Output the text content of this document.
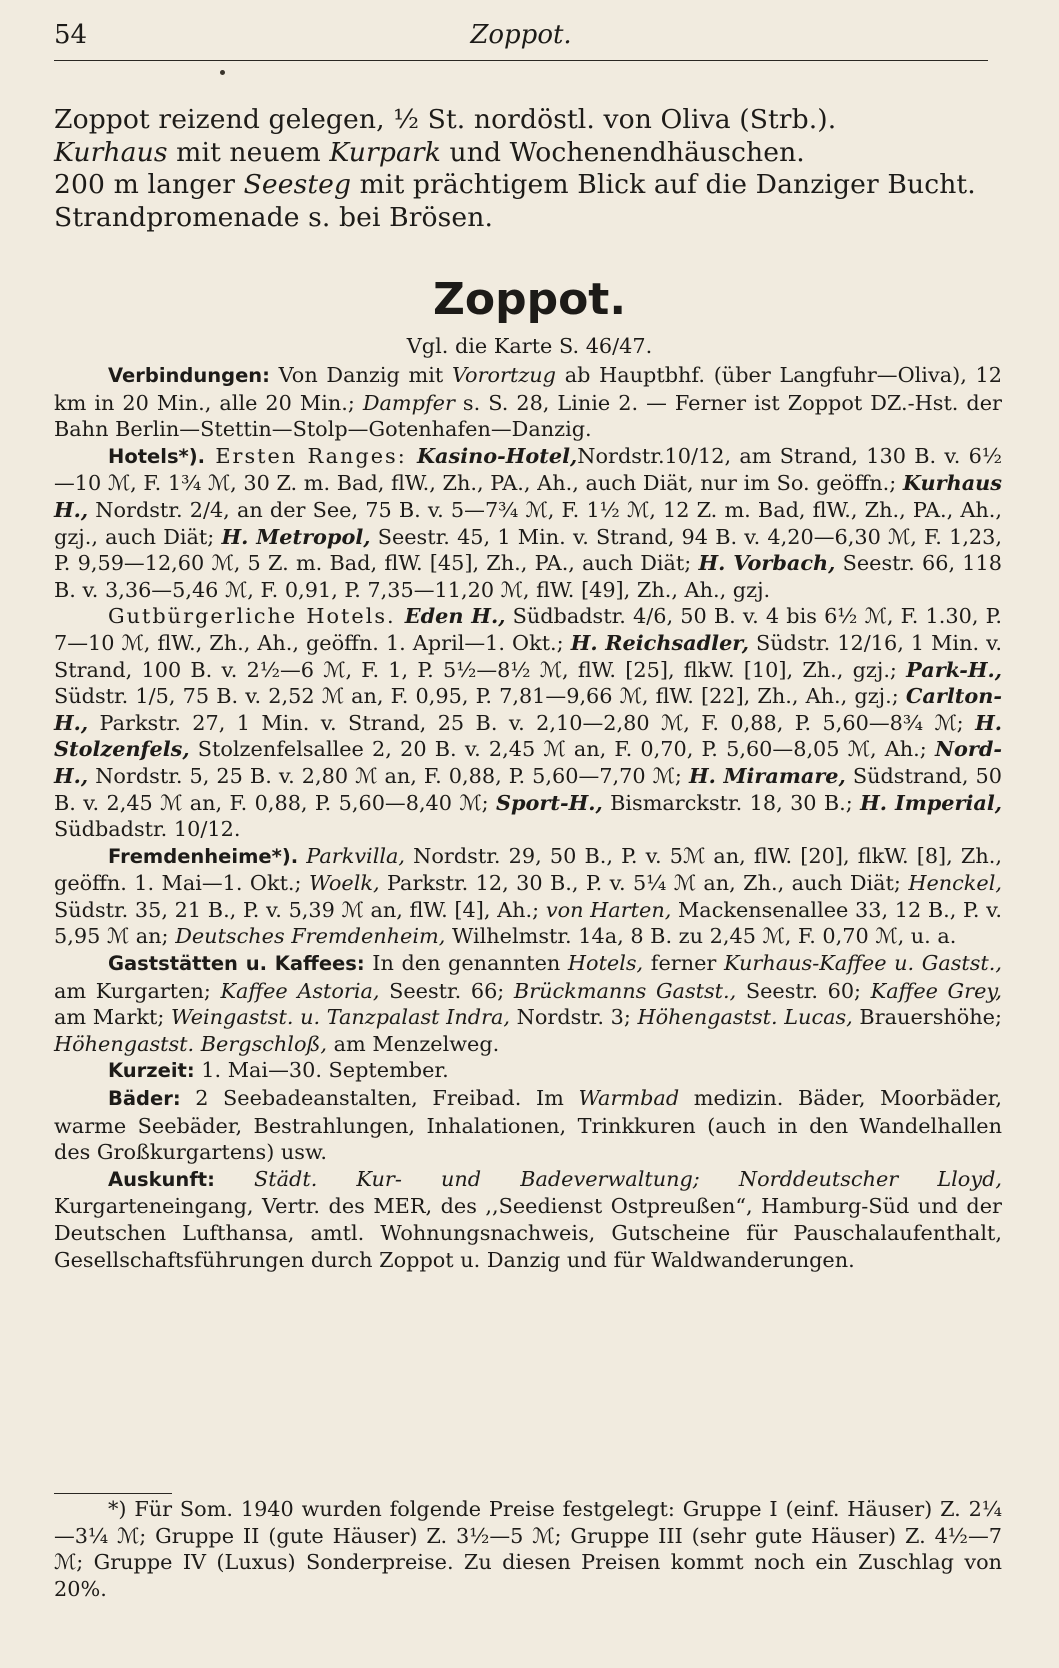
54	Zoppot.
Zoppot reizend gelegen, ½ St. nordöstl. von Oliva (Strb.).
Kurhaus mit neuem Kurpark und Wochenendhäuschen.
200 m langer Seesteg mit prächtigem Blick auf die Danziger Bucht. Strandpromenade s. bei Brösen.
Zoppot.
Vgl. die Karte S. 46/47.

Verbindungen: Von Danzig mit Vorortzug ab Hauptbhf. (über Langfuhr—Oliva), 12 km in 20 Min., alle 20 Min.; Dampfer s. S. 28, Linie 2. — Ferner ist Zoppot DZ.-Hst. der Bahn Berlin—Stettin—Stolp—Gotenhafen—Danzig.

Hotels*). Ersten Ranges: Kasino-Hotel,Nordstr.10/12, am Strand, 130 B. v. 6½—10 ℳ, F. 1¾ ℳ, 30 Z. m. Bad, flW., Zh., PA., Ah., auch Diät, nur im So. geöffn.; Kurhaus H., Nordstr. 2/4, an der See, 75 B. v. 5—7¾ ℳ, F. 1½ ℳ, 12 Z. m. Bad, flW., Zh., PA., Ah., gzj., auch Diät; H. Metropol, Seestr. 45, 1 Min. v. Strand, 94 B. v. 4,20—6,30 ℳ, F. 1,23, P. 9,59—12,60 ℳ, 5 Z. m. Bad, flW. [45], Zh., PA., auch Diät; H. Vorbach, Seestr. 66, 118 B. v. 3,36—5,46 ℳ, F. 0,91, P. 7,35—11,20 ℳ, flW. [49], Zh., Ah., gzj.

Gutbürgerliche Hotels. Eden H., Südbadstr. 4/6, 50 B. v. 4 bis 6½ ℳ, F. 1.30, P. 7—10 ℳ, flW., Zh., Ah., geöffn. 1. April—1. Okt.; H. Reichsadler, Südstr. 12/16, 1 Min. v. Strand, 100 B. v. 2½—6 ℳ, F. 1, P. 5½—8½ ℳ, flW. [25], flkW. [10], Zh., gzj.; Park-H., Südstr. 1/5, 75 B. v. 2,52 ℳ an, F. 0,95, P. 7,81—9,66 ℳ, flW. [22], Zh., Ah., gzj.; Carlton-H., Parkstr. 27, 1 Min. v. Strand, 25 B. v. 2,10—2,80 ℳ, F. 0,88, P. 5,60—8¾ ℳ; H. Stolzenfels, Stolzenfelsallee 2, 20 B. v. 2,45 ℳ an, F. 0,70, P. 5,60—8,05 ℳ, Ah.; Nord-H., Nordstr. 5, 25 B. v. 2,80 ℳ an, F. 0,88, P. 5,60—7,70 ℳ; H. Miramare, Südstrand, 50 B. v. 2,45 ℳ an, F. 0,88, P. 5,60—8,40 ℳ; Sport-H., Bismarckstr. 18, 30 B.; H. Imperial, Südbadstr. 10/12.

Fremdenheime*). Parkvilla, Nordstr. 29, 50 B., P. v. 5ℳ an, flW. [20], flkW. [8], Zh., geöffn. 1. Mai—1. Okt.; Woelk, Parkstr. 12, 30 B., P. v. 5¼ ℳ an, Zh., auch Diät; Henckel, Südstr. 35, 21 B., P. v. 5,39 ℳ an, flW. [4], Ah.; von Harten, Mackensenallee 33, 12 B., P. v. 5,95 ℳ an; Deutsches Fremdenheim, Wilhelmstr. 14a, 8 B. zu 2,45 ℳ, F. 0,70 ℳ, u. a.

Gaststätten u. Kaffees: In den genannten Hotels, ferner Kurhaus-Kaffee u. Gastst., am Kurgarten; Kaffee Astoria, Seestr. 66; Brückmanns Gastst., Seestr. 60; Kaffee Grey, am Markt; Weingastst. u. Tanzpalast Indra, Nordstr. 3; Höhengastst. Lucas, Brauershöhe; Höhengastst. Bergschloß, am Menzelweg.

Kurzeit: 1. Mai—30. September.

Bäder: 2 Seebadeanstalten, Freibad. Im Warmbad medizin. Bäder, Moorbäder, warme Seebäder, Bestrahlungen, Inhalationen, Trinkkuren (auch in den Wandelhallen des Großkurgartens) usw.

Auskunft: Städt. Kur- und Badeverwaltung; Norddeutscher Lloyd, Kurgarteneingang, Vertr. des MER, des ,,Seedienst Ostpreußen“, Hamburg-Süd und der Deutschen Lufthansa, amtl. Wohnungsnachweis, Gutscheine für Pauschalaufenthalt, Gesellschaftsführungen durch Zoppot u. Danzig und für Waldwanderungen.

*) Für Som. 1940 wurden folgende Preise festgelegt: Gruppe I (einf. Häuser) Z. 2¼—3¼ ℳ; Gruppe II (gute Häuser) Z. 3½—5 ℳ; Gruppe III (sehr gute Häuser) Z. 4½—7 ℳ; Gruppe IV (Luxus) Sonderpreise. Zu diesen Preisen kommt noch ein Zuschlag von 20%.
